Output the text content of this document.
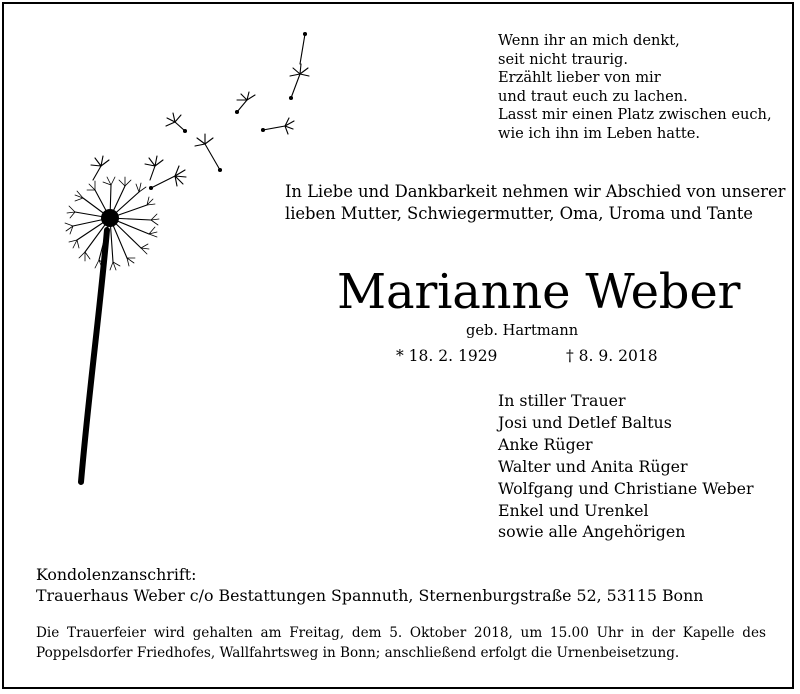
Wenn ihr an mich denkt,
seit nicht traurig.
Erzählt lieber von mir
und traut euch zu lachen.
Lasst mir einen Platz zwischen euch,
wie ich ihn im Leben hatte.
In Liebe und Dankbarkeit nehmen wir Abschied von unserer
lieben Mutter, Schwiegermutter, Oma, Uroma und Tante
Marianne Weber
geb. Hartmann
* 18. 2. 1929	† 8. 9. 2018
In stiller Trauer
Josi und Detlef Baltus
Anke Rüger
Walter und Anita Rüger
Wolfgang und Christiane Weber
Enkel und Urenkel
sowie alle Angehörigen
Kondolenzanschrift:
Trauerhaus Weber c/o Bestattungen Spannuth, Sternenburgstraße 52, 53115 Bonn
Die Trauerfeier wird gehalten am Freitag, dem 5. Oktober 2018, um 15.00 Uhr in der Kapelle des Poppelsdorfer Friedhofes, Wallfahrtsweg in Bonn; anschließend erfolgt die Urnenbeisetzung.
